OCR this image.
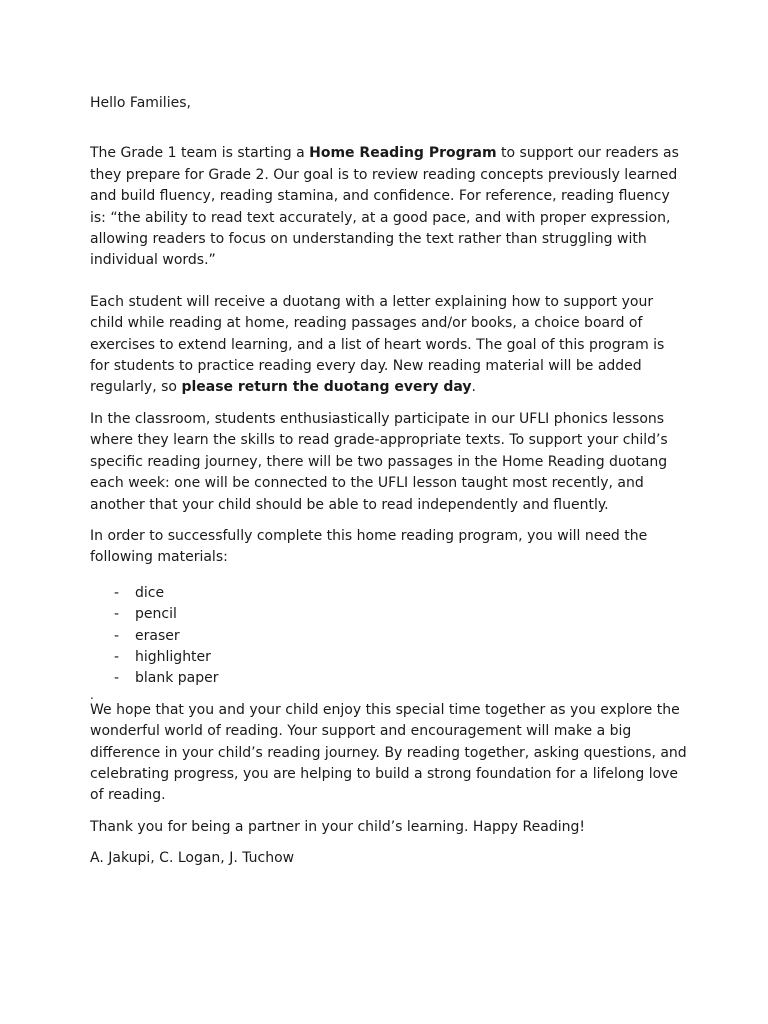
Hello Families,

The Grade 1 team is starting a Home Reading Program to support our readers as they prepare for Grade 2. Our goal is to review reading concepts previously learned and build fluency, reading stamina, and confidence. For reference, reading fluency is: “the ability to read text accurately, at a good pace, and with proper expression, allowing readers to focus on understanding the text rather than struggling with individual words.”

Each student will receive a duotang with a letter explaining how to support your child while reading at home, reading passages and/or books, a choice board of exercises to extend learning, and a list of heart words. The goal of this program is for students to practice reading every day. New reading material will be added regularly, so please return the duotang every day.

In the classroom, students enthusiastically participate in our UFLI phonics lessons where they learn the skills to read grade-appropriate texts. To support your child’s specific reading journey, there will be two passages in the Home Reading duotang each week: one will be connected to the UFLI lesson taught most recently, and another that your child should be able to read independently and fluently.

In order to successfully complete this home reading program, you will need the following materials:

- dice
- pencil
- eraser
- highlighter
- blank paper
.

We hope that you and your child enjoy this special time together as you explore the wonderful world of reading. Your support and encouragement will make a big difference in your child’s reading journey. By reading together, asking questions, and celebrating progress, you are helping to build a strong foundation for a lifelong love of reading.

Thank you for being a partner in your child’s learning. Happy Reading!

A. Jakupi, C. Logan, J. Tuchow
